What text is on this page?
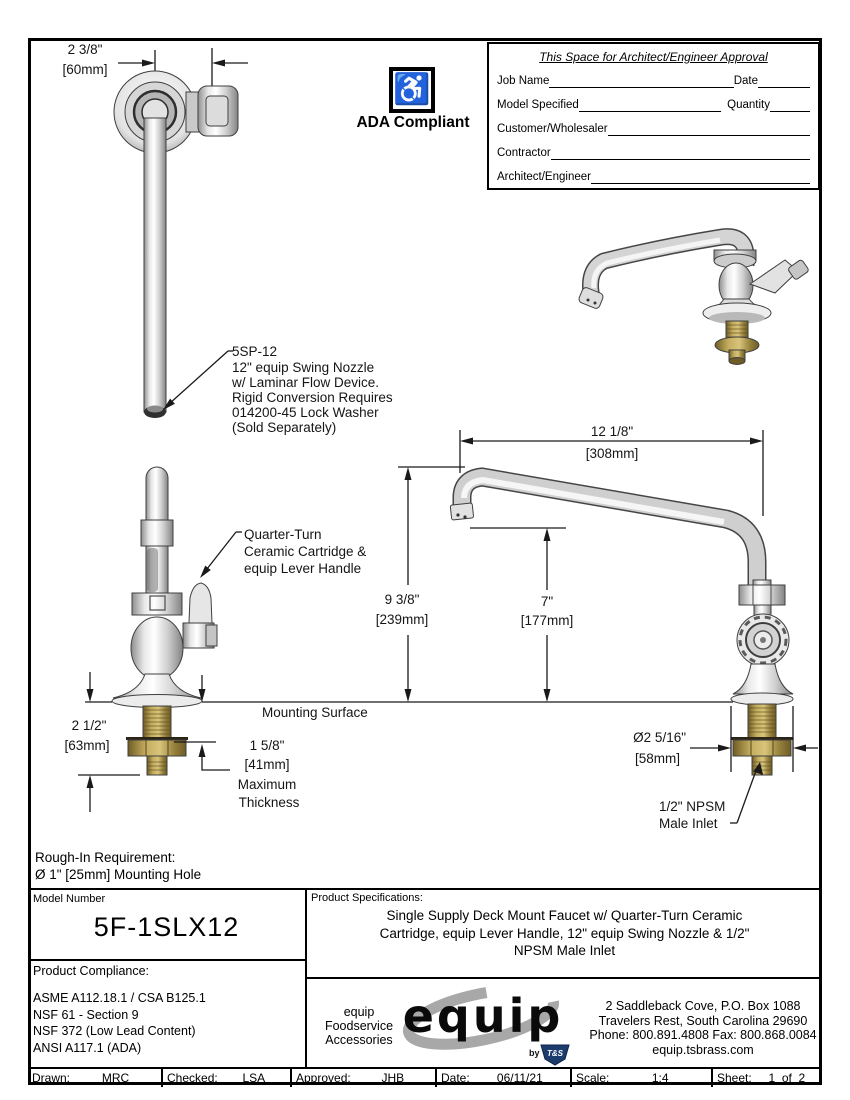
2 3/8"
[60mm]
5SP-12
12" equip Swing Nozzle
w/ Laminar Flow Device.
Rigid Conversion Requires
014200-45 Lock Washer
(Sold Separately)
Quarter-Turn
Ceramic Cartridge &
equip Lever Handle
Mounting Surface
12 1/8"
[308mm]
9 3/8"
[239mm]
7"
[177mm]
2 1/2"
[63mm]	1 5/8"
[41mm]
Maximum
Thickness
Ø2 5/16"
[58mm]
1/2" NPSM
Male Inlet
This Space for Architect/Engineer Approval
Job Name	Date
Model Specified	Quantity
Customer/Wholesaler
Contractor
Architect/Engineer
♿
ADA Compliant
Rough-In Requirement:
Ø 1" [25mm] Mounting Hole
Model Number
5F-1SLX12
Product Compliance:
ASME A112.18.1 / CSA B125.1
NSF 61 - Section 9
NSF 372 (Low Lead Content)
ANSI A117.1 (ADA)
Product Specifications:
Single Supply Deck Mount Faucet w/ Quarter-Turn Ceramic
Cartridge, equip Lever Handle, 12" equip Swing Nozzle & 1/2"
NPSM Male Inlet
equip
Foodservice
Accessories equip
by T&S
2 Saddleback Cove, P.O. Box 1088
Travelers Rest, South Carolina 29690
Phone: 800.891.4808 Fax: 800.868.0084
equip.tsbrass.com
Drawn:	MRC	Checked:	LSA	Approved:	JHB	Date:	06/11/21	Scale:	1:4	Sheet:	1  of  2
